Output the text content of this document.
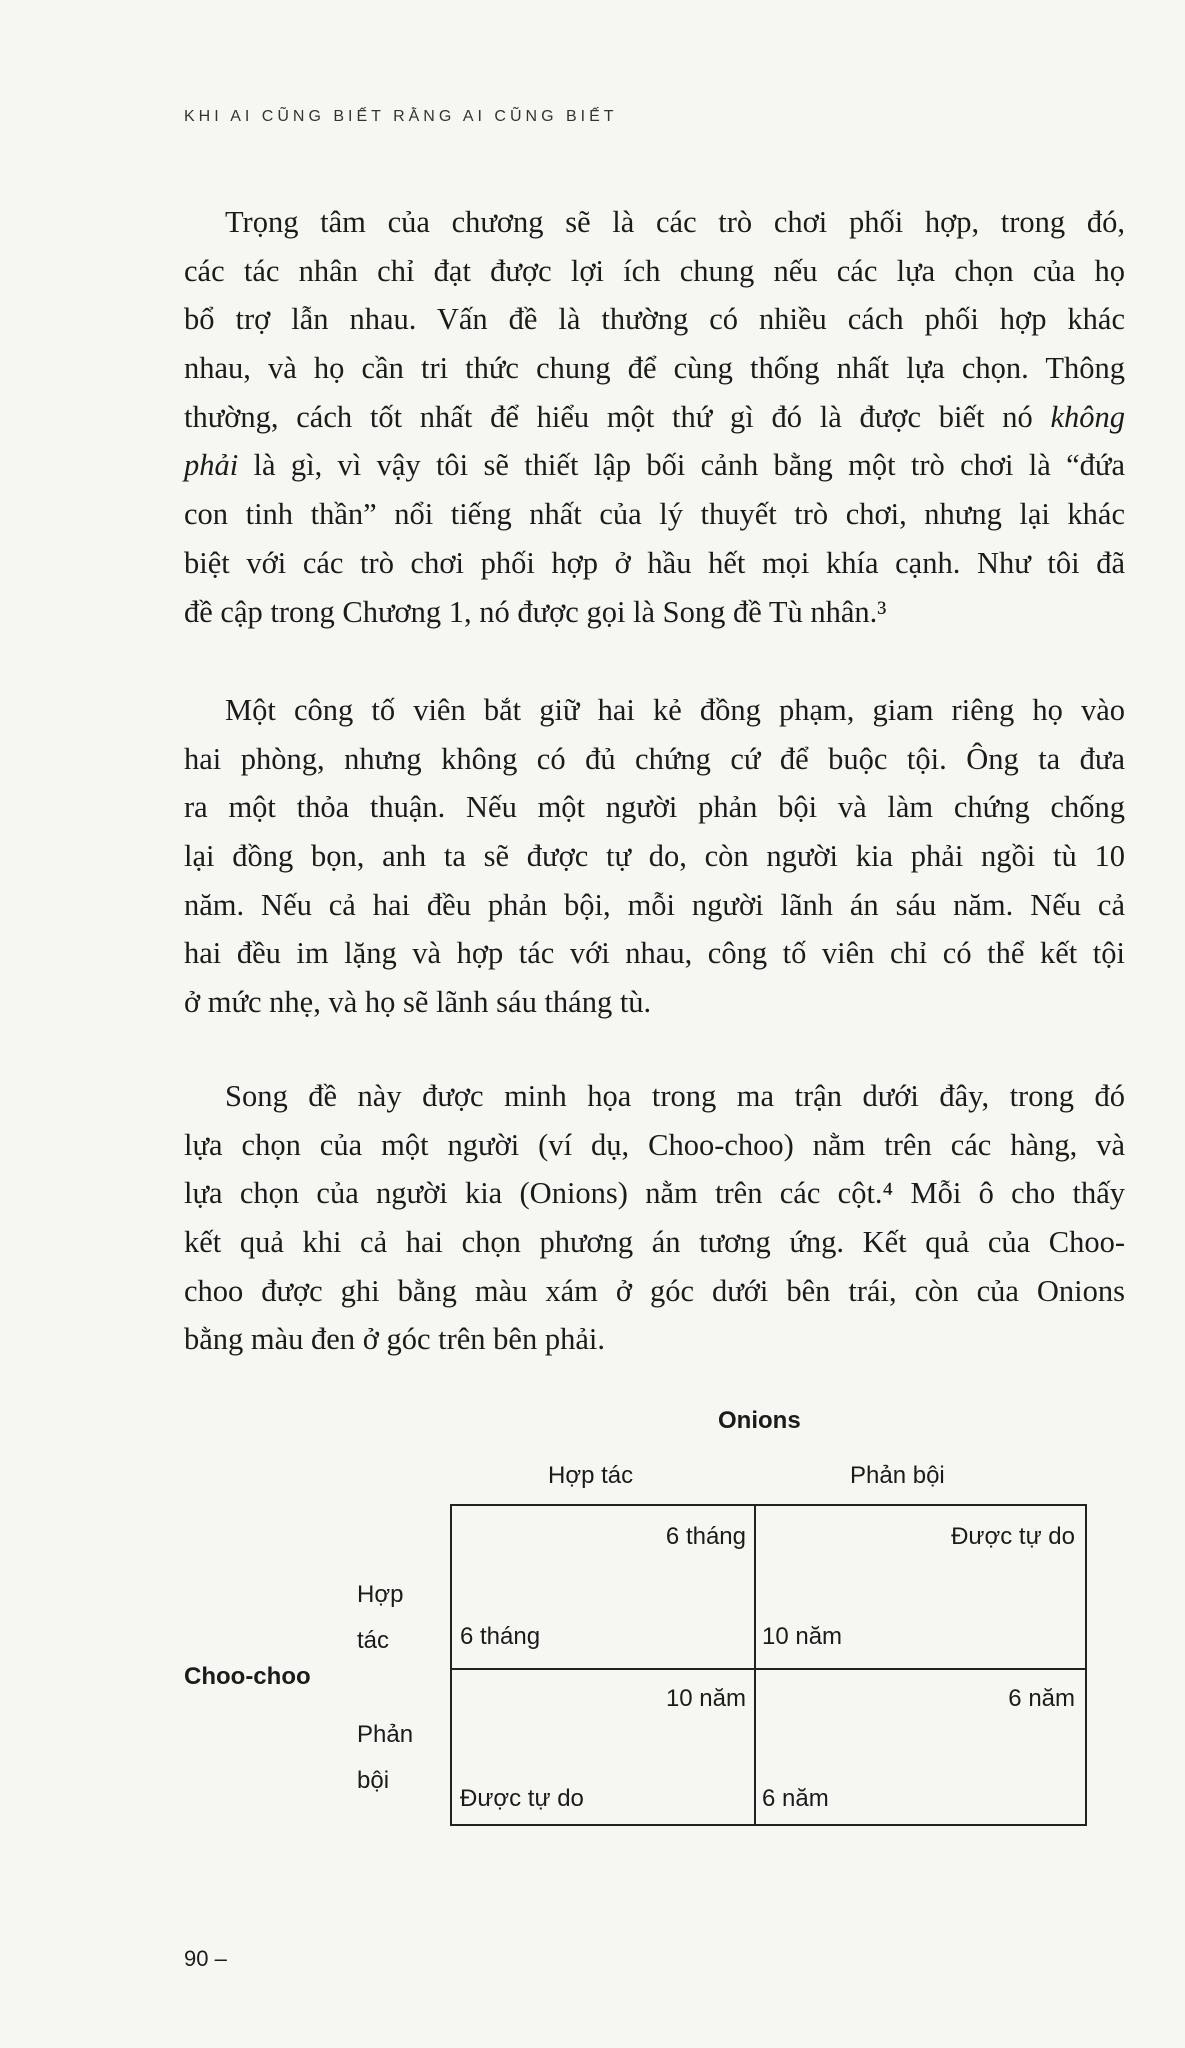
KHI AI CŨNG BIẾT RẰNG AI CŨNG BIẾT
Trọng tâm của chương sẽ là các trò chơi phối hợp, trong đó,
các tác nhân chỉ đạt được lợi ích chung nếu các lựa chọn của họ
bổ trợ lẫn nhau. Vấn đề là thường có nhiều cách phối hợp khác
nhau, và họ cần tri thức chung để cùng thống nhất lựa chọn. Thông
thường, cách tốt nhất để hiểu một thứ gì đó là được biết nó không
phải là gì, vì vậy tôi sẽ thiết lập bối cảnh bằng một trò chơi là “đứa
con tinh thần” nổi tiếng nhất của lý thuyết trò chơi, nhưng lại khác
biệt với các trò chơi phối hợp ở hầu hết mọi khía cạnh. Như tôi đã
đề cập trong Chương 1, nó được gọi là Song đề Tù nhân.³
Một công tố viên bắt giữ hai kẻ đồng phạm, giam riêng họ vào
hai phòng, nhưng không có đủ chứng cứ để buộc tội. Ông ta đưa
ra một thỏa thuận. Nếu một người phản bội và làm chứng chống
lại đồng bọn, anh ta sẽ được tự do, còn người kia phải ngồi tù 10
năm. Nếu cả hai đều phản bội, mỗi người lãnh án sáu năm. Nếu cả
hai đều im lặng và hợp tác với nhau, công tố viên chỉ có thể kết tội
ở mức nhẹ, và họ sẽ lãnh sáu tháng tù.
Song đề này được minh họa trong ma trận dưới đây, trong đó
lựa chọn của một người (ví dụ, Choo-choo) nằm trên các hàng, và
lựa chọn của người kia (Onions) nằm trên các cột.⁴ Mỗi ô cho thấy
kết quả khi cả hai chọn phương án tương ứng. Kết quả của Choo-
choo được ghi bằng màu xám ở góc dưới bên trái, còn của Onions
bằng màu đen ở góc trên bên phải.
Onions
Hợp tác	Phản bội
Choo-choo
Hợp
tác
Phản
bội
6 tháng
6 tháng
Được tự do
10 năm
10 năm
Được tự do
6 năm
6 năm
90 –
